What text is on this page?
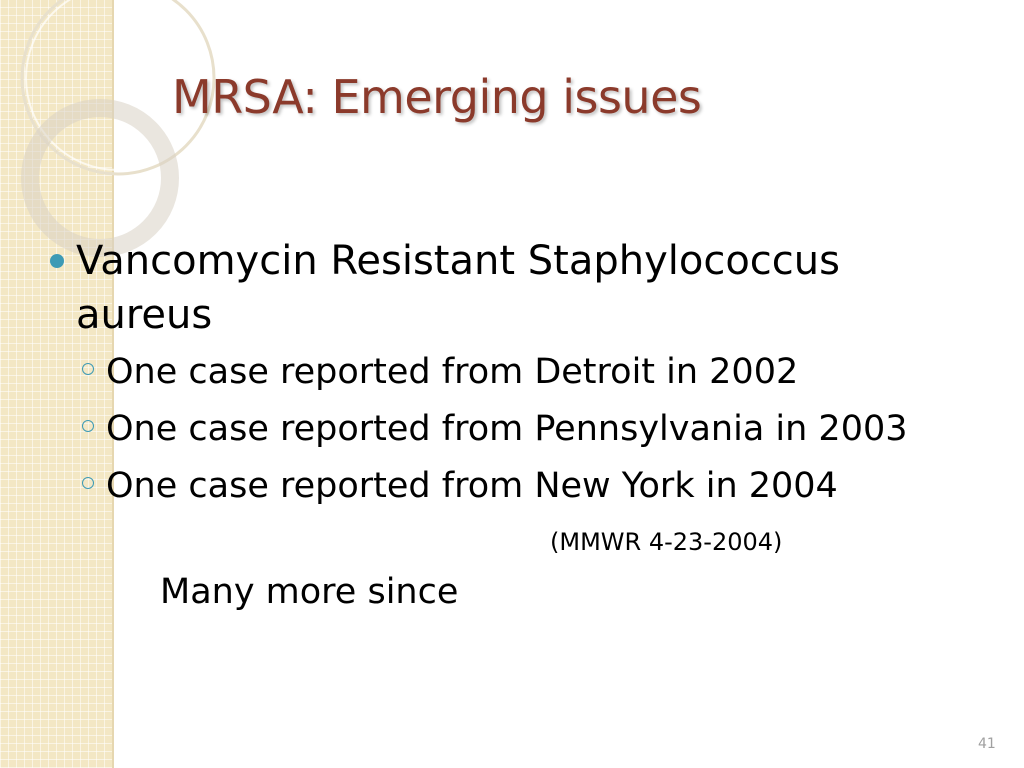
MRSA: Emerging issues
Vancomycin Resistant Staphylococcus aureus
One case reported from Detroit in 2002
One case reported from Pennsylvania in 2003
One case reported from New York in 2004
(MMWR 4-23-2004)
Many more since
41
